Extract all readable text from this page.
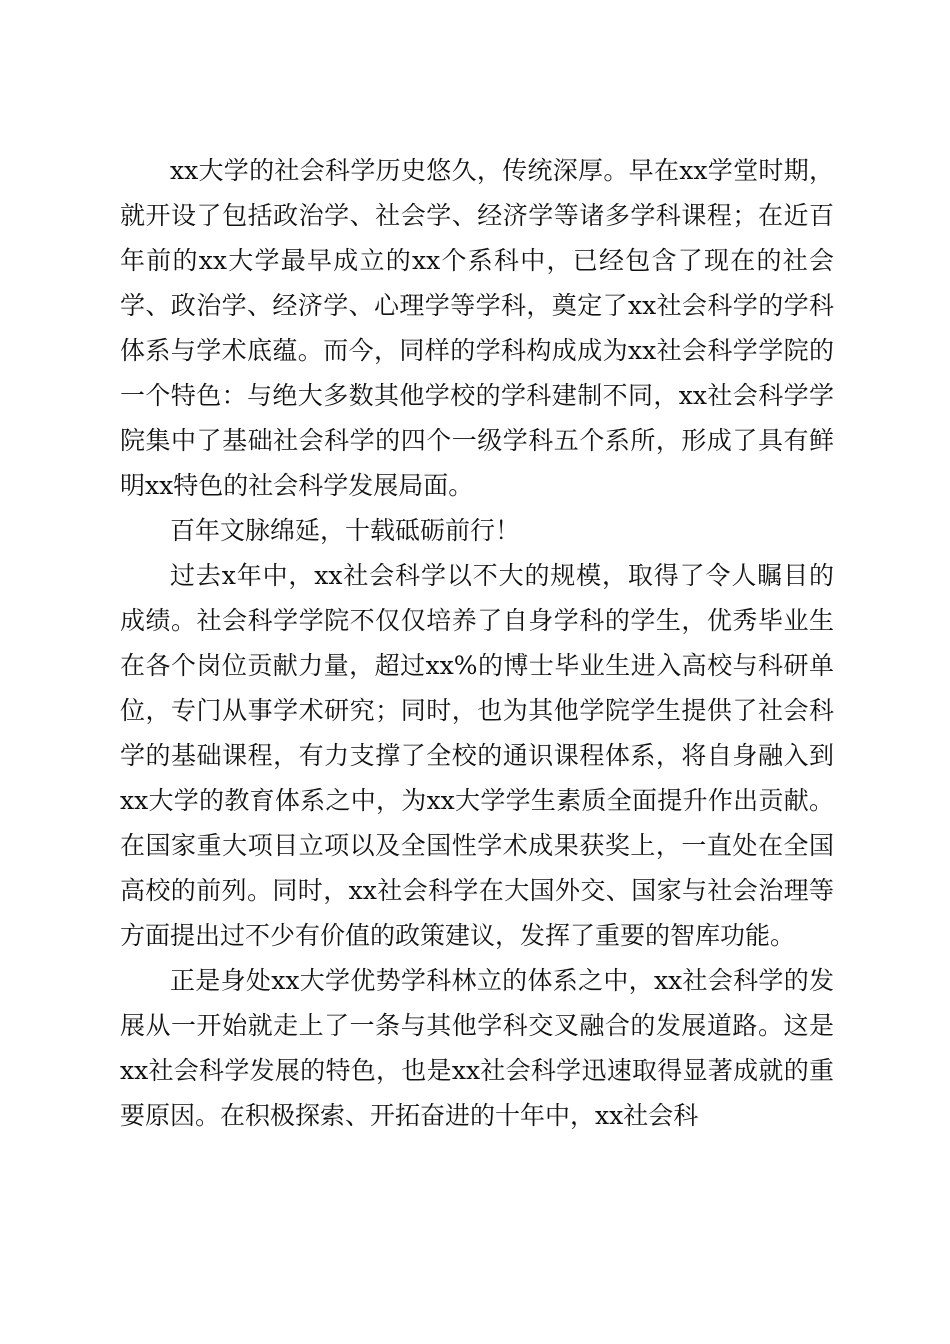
xx大学的社会科学历史悠久，传统深厚。早在xx学堂时期，就开设了包括政治学、社会学、经济学等诸多学科课程；在近百年前的xx大学最早成立的xx个系科中，已经包含了现在的社会学、政治学、经济学、心理学等学科，奠定了xx社会科学的学科体系与学术底蕴。而今，同样的学科构成成为xx社会科学学院的一个特色：与绝大多数其他学校的学科建制不同，xx社会科学学院集中了基础社会科学的四个一级学科五个系所，形成了具有鲜明xx特色的社会科学发展局面。

百年文脉绵延，十载砥砺前行！

过去x年中，xx社会科学以不大的规模，取得了令人瞩目的成绩。社会科学学院不仅仅培养了自身学科的学生，优秀毕业生在各个岗位贡献力量，超过xx%的博士毕业生进入高校与科研单位，专门从事学术研究；同时，也为其他学院学生提供了社会科学的基础课程，有力支撑了全校的通识课程体系，将自身融入到xx大学的教育体系之中，为xx大学学生素质全面提升作出贡献。在国家重大项目立项以及全国性学术成果获奖上，一直处在全国高校的前列。同时，xx社会科学在大国外交、国家与社会治理等方面提出过不少有价值的政策建议，发挥了重要的智库功能。

正是身处xx大学优势学科林立的体系之中，xx社会科学的发展从一开始就走上了一条与其他学科交叉融合的发展道路。这是xx社会科学发展的特色，也是xx社会科学迅速取得显著成就的重要原因。在积极探索、开拓奋进的十年中，xx社会科
